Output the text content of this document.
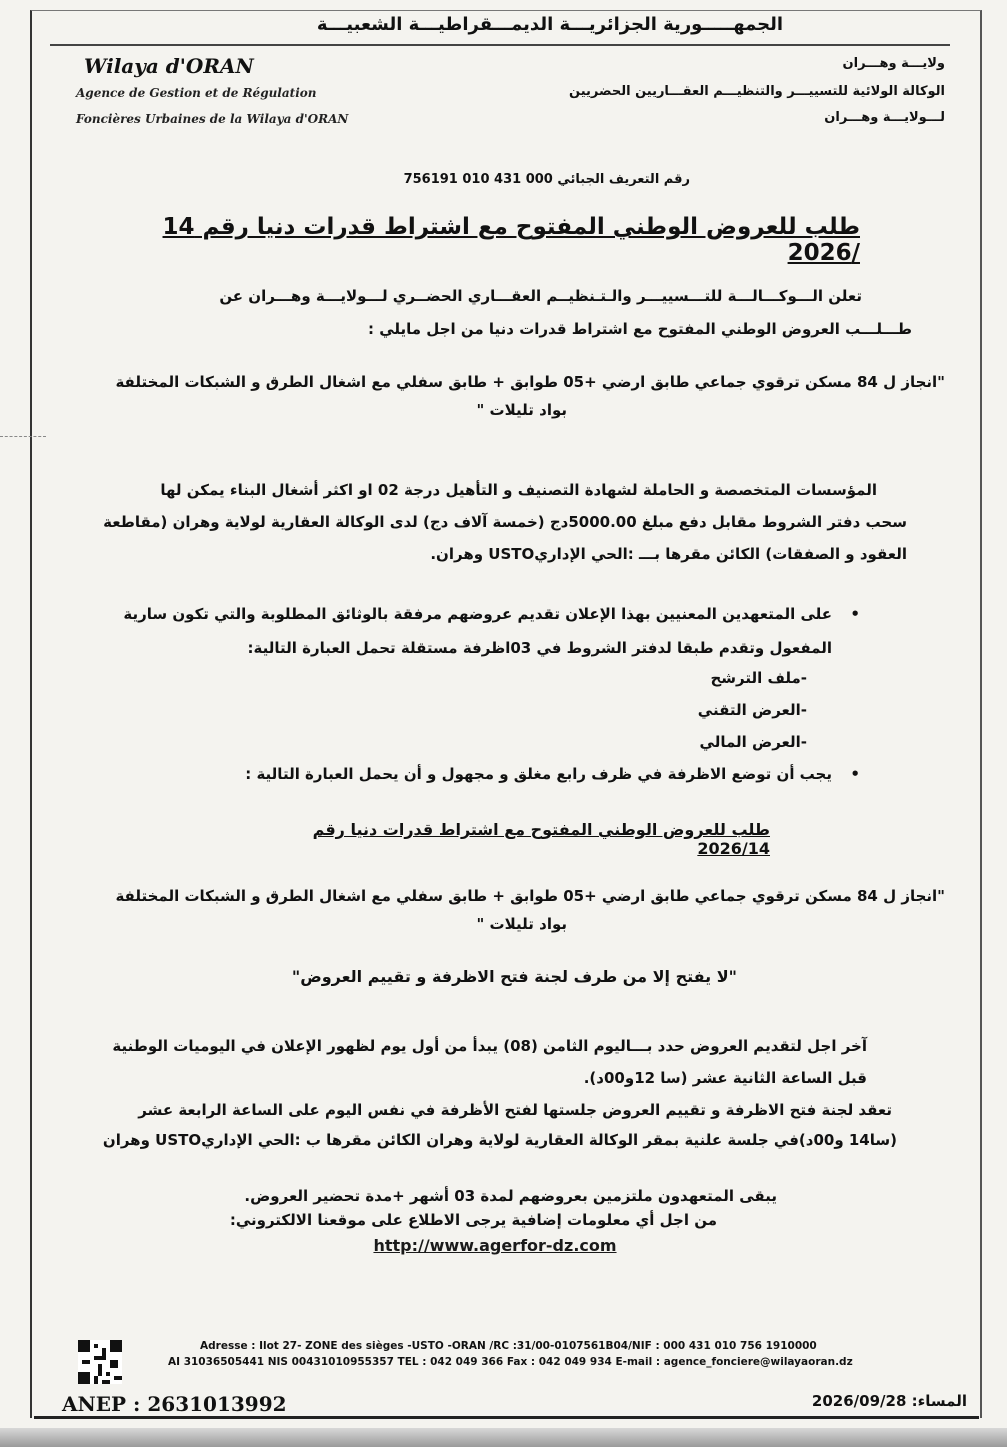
الجمهـــــورية الجزائريـــة الديمـــقراطيـــة الشعبيـــة
Wilaya d'ORAN
Agence de Gestion et de Régulation
Foncières Urbaines de la Wilaya d'ORAN
ولايـــة وهـــران
الوكالة الولائية للتسييـــر والتنظيـــم العقـــاريين الحضريين
لـــولايـــة وهـــران
رقم التعريف الجبائي 000 431 010 756191
طلب للعروض الوطني المفتوح مع اشتراط قدرات دنيا رقم 14 /2026
تعلن الـــوكـــالـــة للتـــسييـــر والـتـنظيــم العقـــاري الحضــري لـــولايـــة وهـــران عن
طـــلـــب العروض الوطني المفتوح مع اشتراط قدرات دنيا من اجل مايلي :
"انجاز ل 84 مسكن ترقوي جماعي طابق ارضي +05 طوابق + طابق سفلي مع اشغال الطرق و الشبكات المختلفة
بواد تليلات "
المؤسسات المتخصصة و الحاملة لشهادة التصنيف و التأهيل درجة 02 او اكثر أشغال البناء يمكن لها
سحب دفتر الشروط مقابل دفع مبلغ 5000.00دج (خمسة آلاف دج) لدى الوكالة العقارية لولاية وهران (مقاطعة
العقود و الصفقات) الكائن مقرها بـــ :الحي الإداريUSTO وهران.
• على المتعهدين المعنيين بهذا الإعلان تقديم عروضهم مرفقة بالوثائق المطلوبة والتي تكون سارية
المفعول وتقدم طبقا لدفتر الشروط في 03اظرفة مستقلة تحمل العبارة التالية:
-ملف الترشح
-العرض التقني
-العرض المالي
• يجب أن توضع الاظرفة في ظرف رابع مغلق و مجهول و أن يحمل العبارة التالية :
طلب للعروض الوطني المفتوح مع اشتراط قدرات دنيا رقم 2026/14
"انجاز ل 84 مسكن ترقوي جماعي طابق ارضي +05 طوابق + طابق سفلي مع اشغال الطرق و الشبكات المختلفة
بواد تليلات "
"لا يفتح إلا من طرف لجنة فتح الاظرفة و تقييم العروض"
آخر اجل لتقديم العروض حدد بـــاليوم الثامن (08) يبدأ من أول يوم لظهور الإعلان في اليوميات الوطنية
قبل الساعة الثانية عشر (سا 12و00د).
تعقد لجنة فتح الاظرفة و تقييم العروض جلستها لفتح الأظرفة في نفس اليوم على الساعة الرابعة عشر
(سا14 و00د)في جلسة علنية بمقر الوكالة العقارية لولاية وهران الكائن مقرها ب :الحي الإداريUSTO وهران
يبقى المتعهدون ملتزمين بعروضهم لمدة 03 أشهر +مدة تحضير العروض.
من اجل أي معلومات إضافية يرجى الاطلاع على موقعنا الالكتروني:
http://www.agerfor-dz.com
Adresse : Ilot 27- ZONE des sièges -USTO -ORAN /RC :31/00-0107561B04/NIF : 000 431 010 756 1910000
AI 31036505441 NIS 00431010955357 TEL : 042 049 366 Fax : 042 049 934 E-mail : agence_fonciere@wilayaoran.dz
ANEP : 2631013992	المساء: 2026/09/28
